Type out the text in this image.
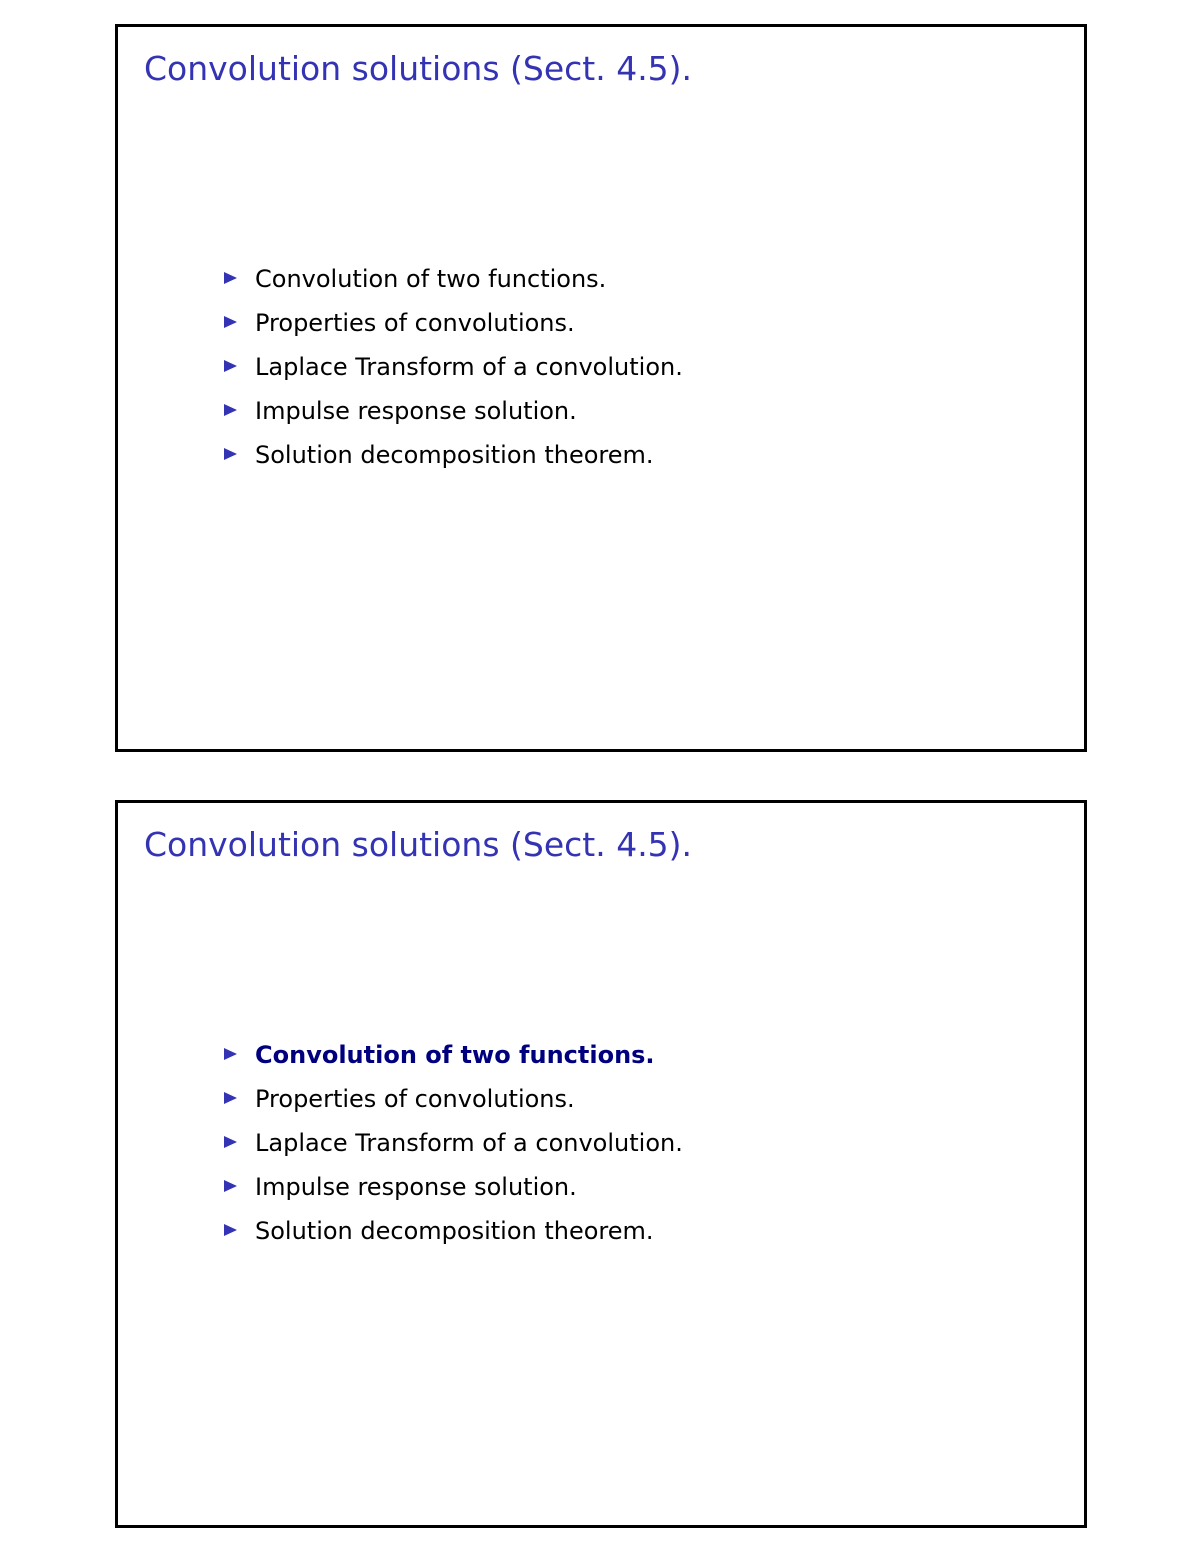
Convolution solutions (Sect. 4.5).
Convolution of two functions.
Properties of convolutions.
Laplace Transform of a convolution.
Impulse response solution.
Solution decomposition theorem.
Convolution solutions (Sect. 4.5).
Convolution of two functions.
Properties of convolutions.
Laplace Transform of a convolution.
Impulse response solution.
Solution decomposition theorem.
